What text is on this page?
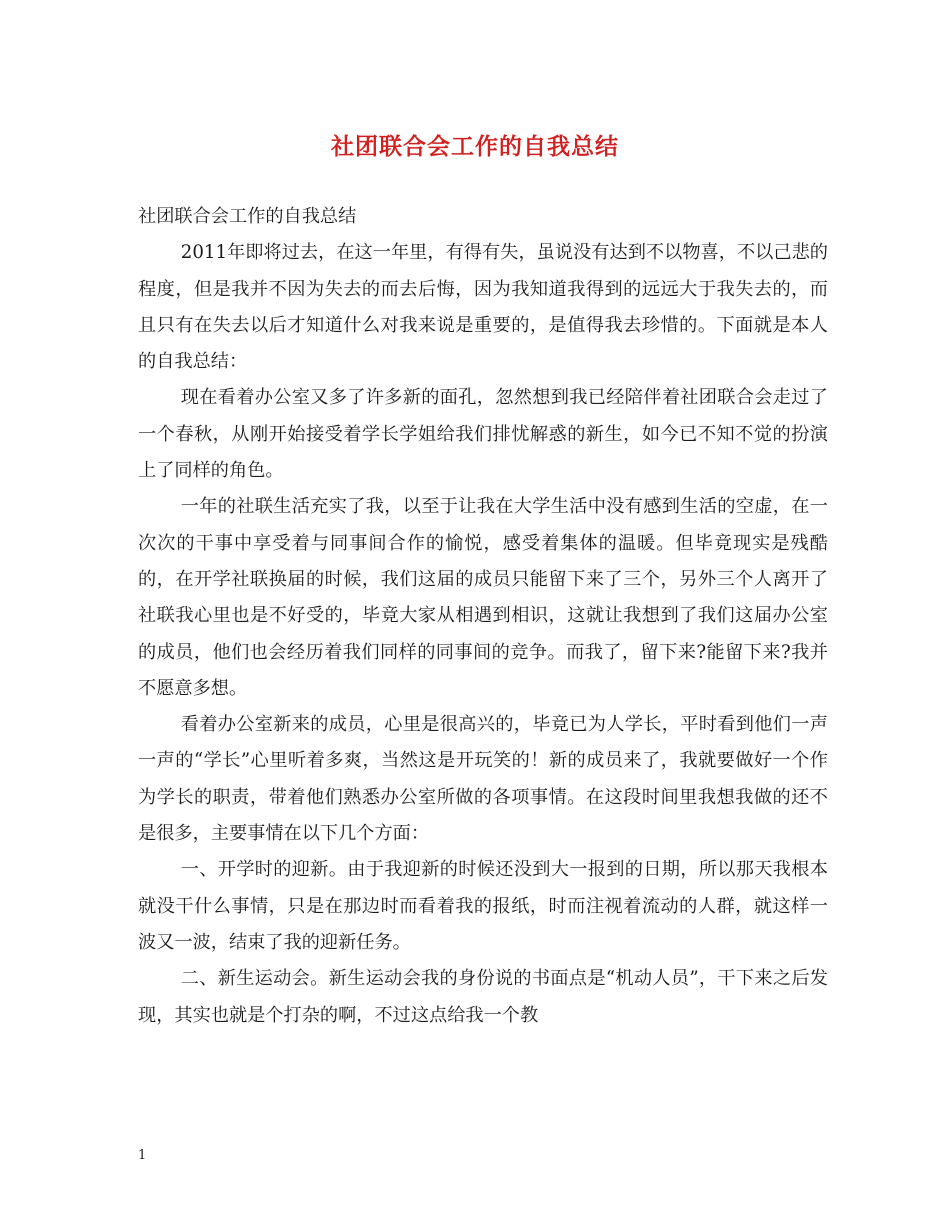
社团联合会工作的自我总结

社团联合会工作的自我总结

2011年即将过去，在这一年里，有得有失，虽说没有达到不以物喜，不以己悲的程度，但是我并不因为失去的而去后悔，因为我知道我得到的远远大于我失去的，而且只有在失去以后才知道什么对我来说是重要的，是值得我去珍惜的。下面就是本人的自我总结：

现在看着办公室又多了许多新的面孔，忽然想到我已经陪伴着社团联合会走过了一个春秋，从刚开始接受着学长学姐给我们排忧解惑的新生，如今已不知不觉的扮演上了同样的角色。

一年的社联生活充实了我，以至于让我在大学生活中没有感到生活的空虚，在一次次的干事中享受着与同事间合作的愉悦，感受着集体的温暖。但毕竟现实是残酷的，在开学社联换届的时候，我们这届的成员只能留下来了三个，另外三个人离开了社联我心里也是不好受的，毕竟大家从相遇到相识，这就让我想到了我们这届办公室的成员，他们也会经历着我们同样的同事间的竞争。而我了，留下来?能留下来?我并不愿意多想。

看着办公室新来的成员，心里是很高兴的，毕竟已为人学长，平时看到他们一声一声的“学长”心里听着多爽，当然这是开玩笑的！新的成员来了，我就要做好一个作为学长的职责，带着他们熟悉办公室所做的各项事情。在这段时间里我想我做的还不是很多，主要事情在以下几个方面：

一、开学时的迎新。由于我迎新的时候还没到大一报到的日期，所以那天我根本就没干什么事情，只是在那边时而看着我的报纸，时而注视着流动的人群，就这样一波又一波，结束了我的迎新任务。

二、新生运动会。新生运动会我的身份说的书面点是“机动人员”，干下来之后发现，其实也就是个打杂的啊，不过这点给我一个教

1
